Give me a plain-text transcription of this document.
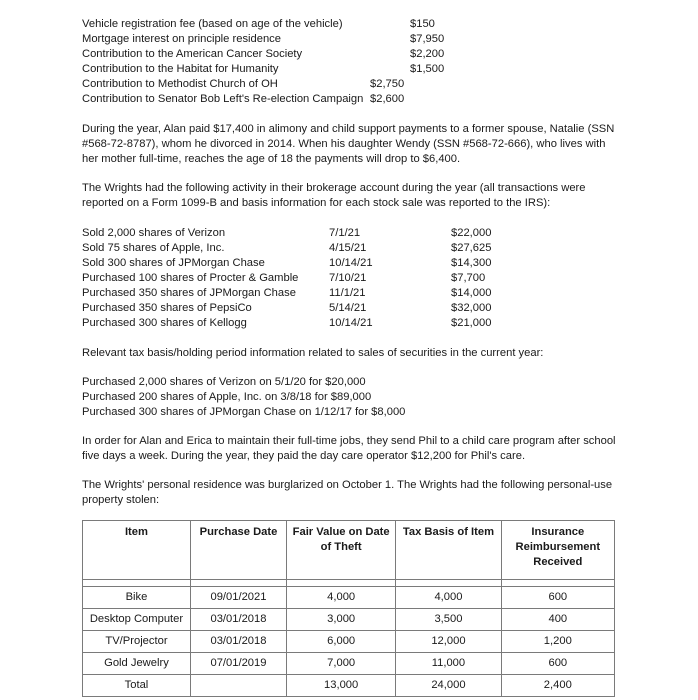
Vehicle registration fee (based on age of the vehicle)	$150
Mortgage interest on principle residence	$7,950
Contribution to the American Cancer Society	$2,200
Contribution to the Habitat for Humanity	$1,500
Contribution to Methodist Church of OH	$2,750
Contribution to Senator Bob Left's Re-election Campaign $2,600
During the year, Alan paid $17,400 in alimony and child support payments to a former spouse, Natalie (SSN #568-72-8787), whom he divorced in 2014. When his daughter Wendy (SSN #568-72-666), who lives with her mother full-time, reaches the age of 18 the payments will drop to $6,400.
The Wrights had the following activity in their brokerage account during the year (all transactions were reported on a Form 1099-B and basis information for each stock sale was reported to the IRS):
Sold 2,000 shares of Verizon	7/1/21	$22,000
Sold 75 shares of Apple, Inc.	4/15/21	$27,625
Sold 300 shares of JPMorgan Chase	10/14/21	$14,300
Purchased 100 shares of Procter & Gamble	7/10/21	$7,700
Purchased 350 shares of JPMorgan Chase	11/1/21	$14,000
Purchased 350 shares of PepsiCo	5/14/21	$32,000
Purchased 300 shares of Kellogg	10/14/21	$21,000
Relevant tax basis/holding period information related to sales of securities in the current year:
Purchased 2,000 shares of Verizon on 5/1/20 for $20,000
Purchased 200 shares of Apple, Inc. on 3/8/18 for $89,000
Purchased 300 shares of JPMorgan Chase on 1/12/17 for $8,000
In order for Alan and Erica to maintain their full-time jobs, they send Phil to a child care program after school five days a week. During the year, they paid the day care operator $12,200 for Phil's care.
The Wrights' personal residence was burglarized on October 1. The Wrights had the following personal-use property stolen:
Item	Purchase Date	Fair Value on Date of Theft	Tax Basis of Item	Insurance Reimbursement Received

Bike	09/01/2021	4,000	4,000	600
Desktop Computer	03/01/2018	3,000	3,500	400
TV/Projector	03/01/2018	6,000	12,000	1,200
Gold Jewelry	07/01/2019	7,000	11,000	600
Total		13,000	24,000	2,400
